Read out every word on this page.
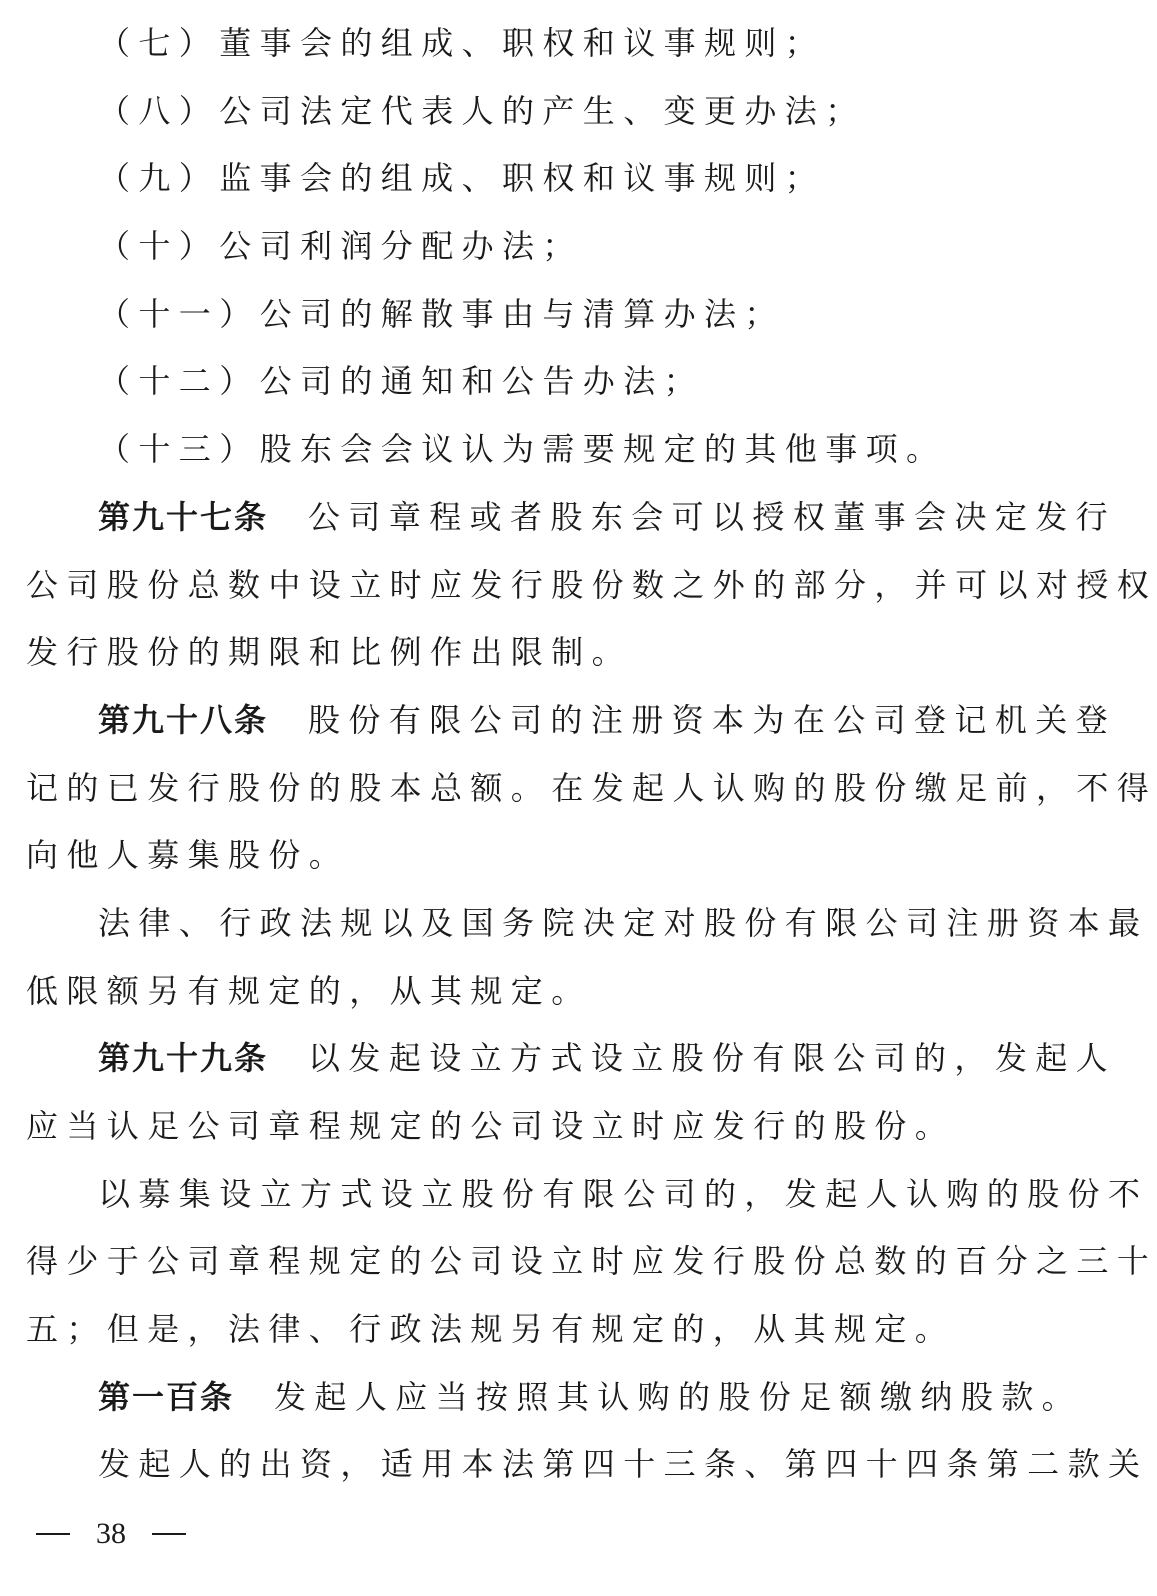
（七）董事会的组成、职权和议事规则；
（八）公司法定代表人的产生、变更办法；
（九）监事会的组成、职权和议事规则；
（十）公司利润分配办法；
（十一）公司的解散事由与清算办法；
（十二）公司的通知和公告办法；
（十三）股东会会议认为需要规定的其他事项。
第九十七条 公司章程或者股东会可以授权董事会决定发行
公司股份总数中设立时应发行股份数之外的部分，并可以对授权
发行股份的期限和比例作出限制。
第九十八条 股份有限公司的注册资本为在公司登记机关登
记的已发行股份的股本总额。在发起人认购的股份缴足前，不得
向他人募集股份。
法律、行政法规以及国务院决定对股份有限公司注册资本最
低限额另有规定的，从其规定。
第九十九条 以发起设立方式设立股份有限公司的，发起人
应当认足公司章程规定的公司设立时应发行的股份。
以募集设立方式设立股份有限公司的，发起人认购的股份不
得少于公司章程规定的公司设立时应发行股份总数的百分之三十
五；但是，法律、行政法规另有规定的，从其规定。
第一百条 发起人应当按照其认购的股份足额缴纳股款。
发起人的出资，适用本法第四十三条、第四十四条第二款关
38
